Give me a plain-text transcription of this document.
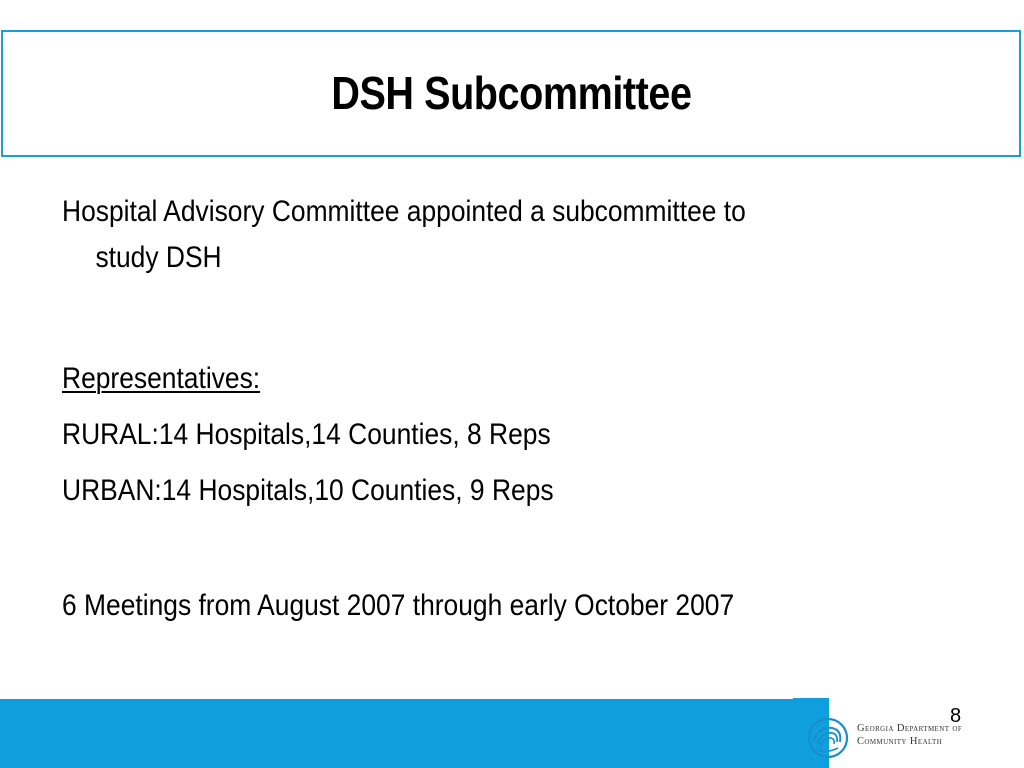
DSH Subcommittee
Hospital Advisory Committee appointed a subcommittee to
study DSH
Representatives:
RURAL:14 Hospitals,14 Counties, 8 Reps
URBAN:14 Hospitals,10 Counties, 9 Reps
6 Meetings from August 2007 through early October 2007
8
Georgia Department of
Community Health
